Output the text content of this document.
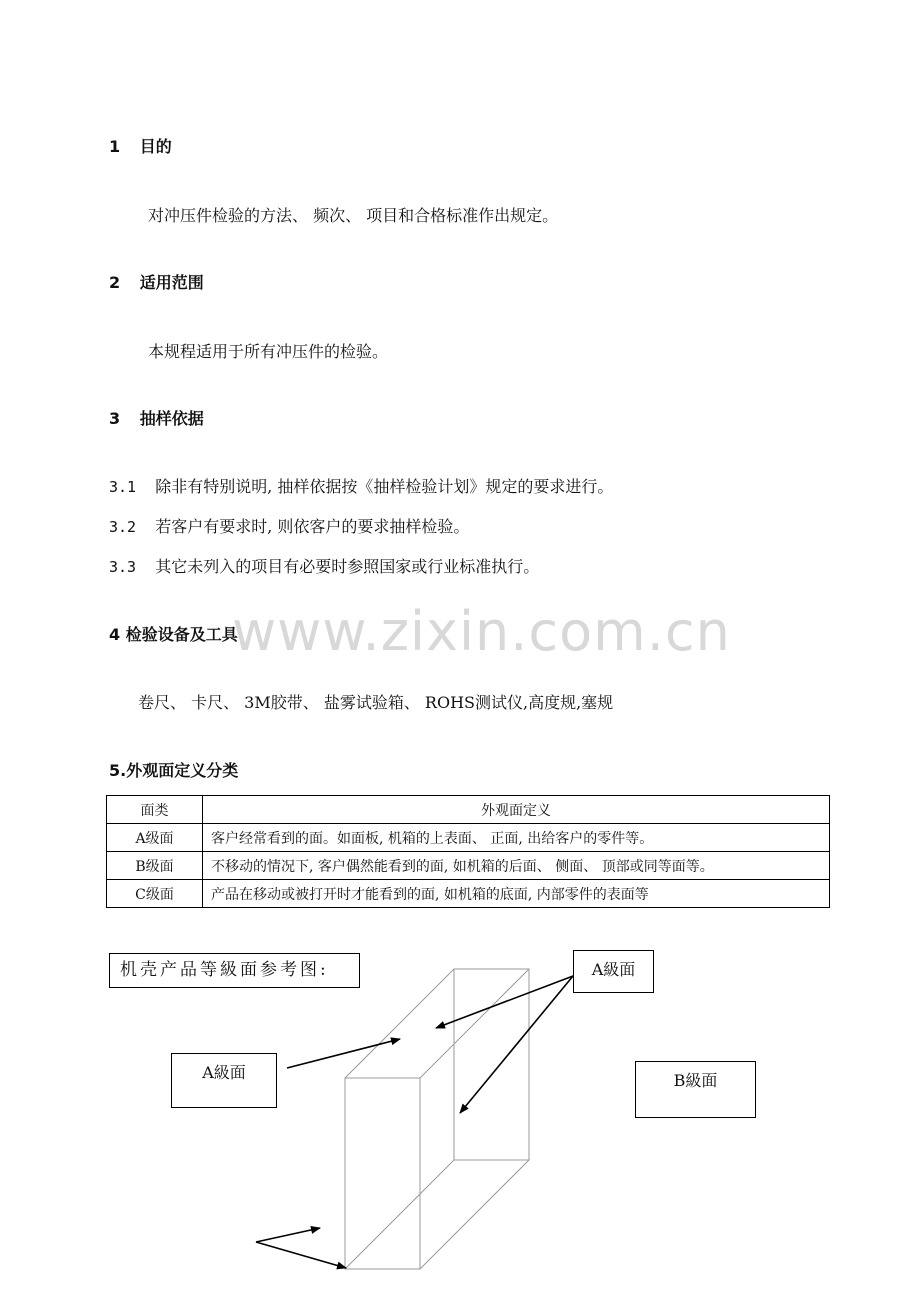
www.zixin.com.cn
1 目的
对冲压件检验的方法、 频次、 项目和合格标准作出规定。
2 适用范围
本规程适用于所有冲压件的检验。
3 抽样依据
3.1 除非有特别说明, 抽样依据按《抽样检验计划》规定的要求进行。
3.2 若客户有要求时, 则依客户的要求抽样检验。
3.3 其它未列入的项目有必要时参照国家或行业标准执行。
4 检验设备及工具
卷尺、 卡尺、 3M胶带、 盐雾试验箱、 ROHS测试仪,高度规,塞规
5.外观面定义分类
面类	外观面定义
A级面	客户经常看到的面。如面板, 机箱的上表面、 正面, 出给客户的零件等。
B级面	不移动的情况下, 客户偶然能看到的面, 如机箱的后面、 侧面、 顶部或同等面等。
C级面	产品在移动或被打开时才能看到的面, 如机箱的底面, 内部零件的表面等
机壳产品等級面参考图:	A級面
A級面	B級面
